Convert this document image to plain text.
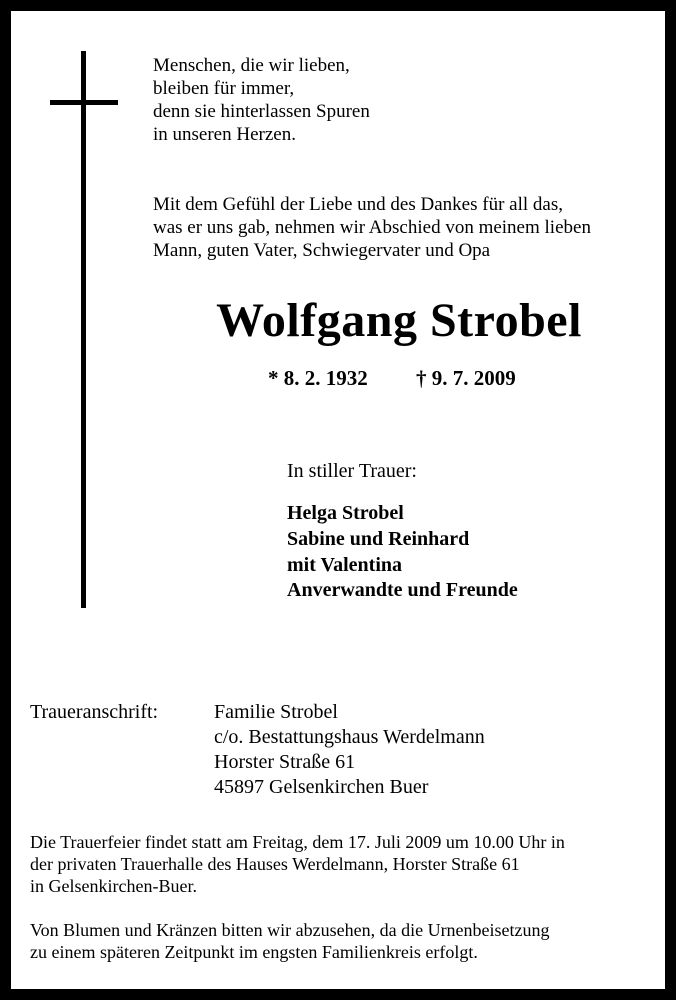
Menschen, die wir lieben,
bleiben für immer,
denn sie hinterlassen Spuren
in unseren Herzen.
Mit dem Gefühl der Liebe und des Dankes für all das,
was er uns gab, nehmen wir Abschied von meinem lieben
Mann, guten Vater, Schwiegervater und Opa
Wolfgang Strobel
* 8. 2. 1932 † 9. 7. 2009
In stiller Trauer:
Helga Strobel
Sabine und Reinhard
mit Valentina
Anverwandte und Freunde
Traueranschrift:	Familie Strobel
c/o. Bestattungshaus Werdelmann
Horster Straße 61
45897 Gelsenkirchen Buer
Die Trauerfeier findet statt am Freitag, dem 17. Juli 2009 um 10.00 Uhr in
der privaten Trauerhalle des Hauses Werdelmann, Horster Straße 61
in Gelsenkirchen-Buer.
Von Blumen und Kränzen bitten wir abzusehen, da die Urnenbeisetzung
zu einem späteren Zeitpunkt im engsten Familienkreis erfolgt.
